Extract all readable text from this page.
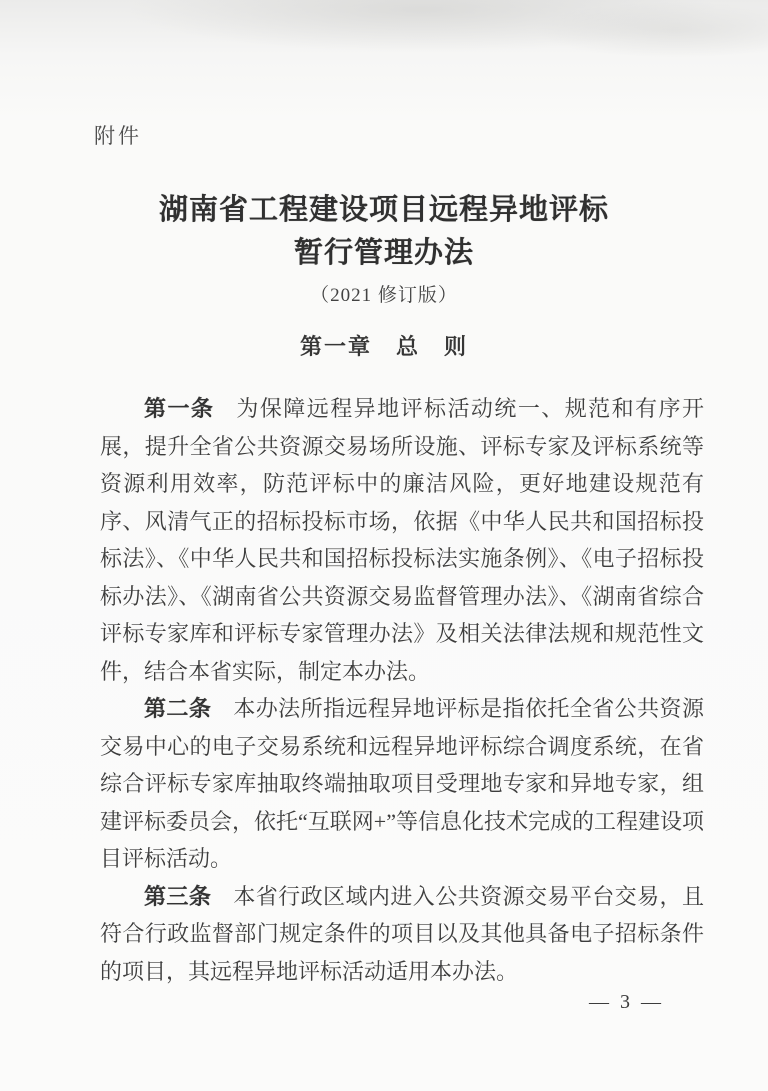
附件
湖南省工程建设项目远程异地评标
暂行管理办法
（2021 修订版）
第一章　总　则

第一条 为保障远程异地评标活动统一、规范和有序开展，提升全省公共资源交易场所设施、评标专家及评标系统等资源利用效率，防范评标中的廉洁风险，更好地建设规范有序、风清气正的招标投标市场，依据《中华人民共和国招标投标法》、《中华人民共和国招标投标法实施条例》、《电子招标投标办法》、《湖南省公共资源交易监督管理办法》、《湖南省综合评标专家库和评标专家管理办法》及相关法律法规和规范性文件，结合本省实际，制定本办法。

第二条 本办法所指远程异地评标是指依托全省公共资源交易中心的电子交易系统和远程异地评标综合调度系统，在省综合评标专家库抽取终端抽取项目受理地专家和异地专家，组建评标委员会，依托“互联网+”等信息化技术完成的工程建设项目评标活动。

第三条 本省行政区域内进入公共资源交易平台交易，且符合行政监督部门规定条件的项目以及其他具备电子招标条件的项目，其远程异地评标活动适用本办法。

— 3 —
